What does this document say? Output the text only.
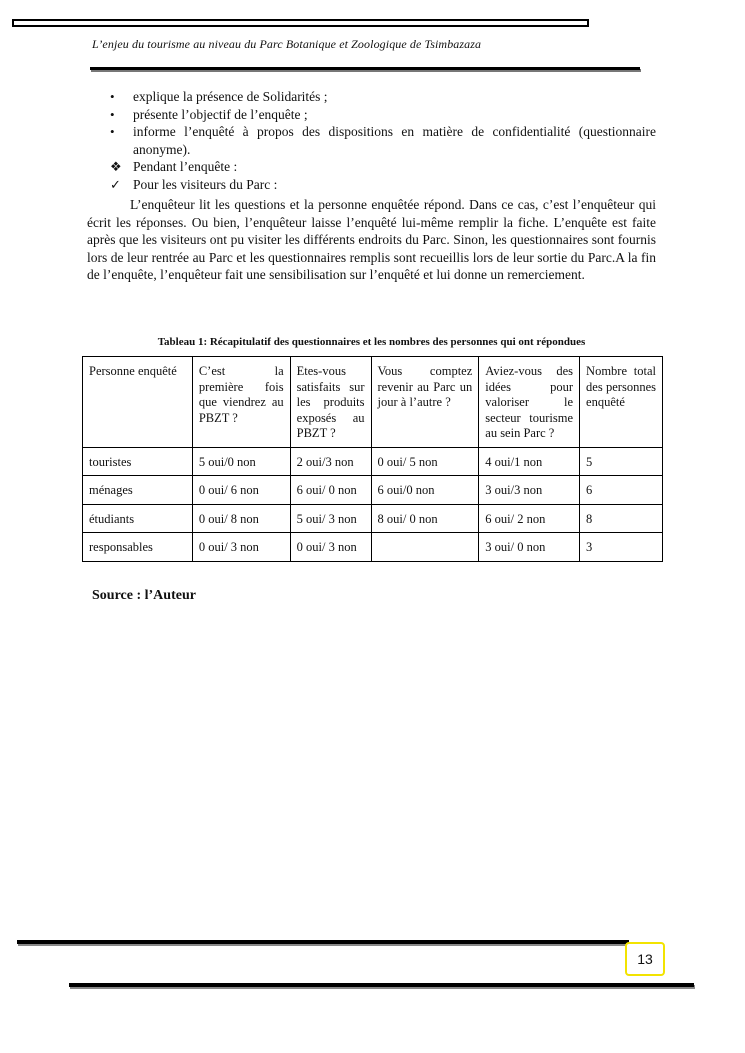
L’enjeu du tourisme au niveau du Parc Botanique et Zoologique de Tsimbazaza
•	explique la présence de Solidarités ;
•	présente l’objectif de l’enquête ;
•	informe l’enquêté à propos des dispositions en matière de confidentialité (questionnaire anonyme).
❖ Pendant l’enquête :
✓ Pour les visiteurs du Parc :

L’enquêteur lit les questions et la personne enquêtée répond. Dans ce cas, c’est l’enquêteur qui écrit les réponses. Ou bien, l’enquêteur laisse l’enquêté lui-même remplir la fiche. L’enquête est faite après que les visiteurs ont pu visiter les différents endroits du Parc. Sinon, les questionnaires sont fournis lors de leur rentrée au Parc et les questionnaires remplis sont recueillis lors de leur sortie du Parc.A la fin de l’enquête, l’enquêteur fait une sensibilisation sur l’enquêté et lui donne un remerciement.

Tableau 1: Récapitulatif des questionnaires et les nombres des personnes qui ont répondues
Personne enquêté	C’est la première fois que viendrez au PBZT ?	Etes-vous satisfaits sur les produits exposés au PBZT ?	Vous comptez revenir au Parc un jour à l’autre ?	Aviez-vous des idées pour valoriser le secteur tourisme au sein Parc ?	Nombre total des personnes enquêté

touristes	5 oui/0 non	2 oui/3 non	0 oui/ 5 non	4 oui/1 non	5
ménages	0 oui/ 6 non	6 oui/ 0 non	6 oui/0 non	3 oui/3 non	6
étudiants	0 oui/ 8 non	5 oui/ 3 non	8 oui/ 0 non	6 oui/ 2 non	8
responsables	0 oui/ 3 non	0 oui/ 3 non		3 oui/ 0 non	3
Source : l’Auteur
13
